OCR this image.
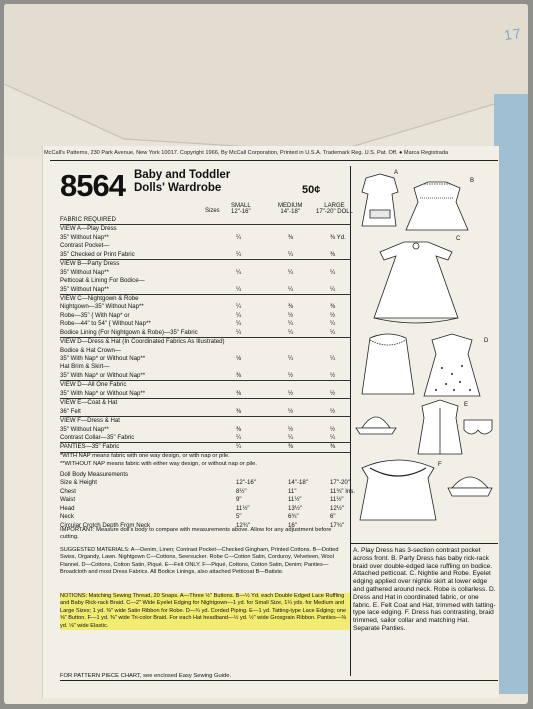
17
McCall's Patterns, 230 Park Avenue, New York 10017. Copyright 1966, By McCall Corporation, Printed in U.S.A. Trademark Reg. U.S. Pat. Off. ● Marca Registrada
8564 Baby and Toddler
Dolls' Wardrobe	50¢
Sizes
SMALL
12"-16"
MEDIUM
14"-18"
LARGE
17"-20" DOLL
FABRIC REQUIRED
VIEW A—Play Dress
35" Without Nap**	¼	⅜	⅜ Yd.
Contrast Pocket—
35" Checked or Print Fabric	¼	¼	⅜
VIEW B—Party Dress
35" Without Nap**	¼	¼	¼
Petticoat & Lining For Bodice—
35" Without Nap**	¼	¼	¼
VIEW C—Nightgown & Robe
Nightgown—35" Without Nap**	¼	⅜	⅜
Robe—35" { With Nap* or	¼	½	½
Robe—44" to 54" { Without Nap**	¼	¼	¼
Bodice Lining (For Nightgown & Robe)—35" Fabric	¼	¼	¼
VIEW D—Dress & Hat (In Coordinated Fabrics As Illustrated)
Bodice & Hat Crown—
35" With Nap* or Without Nap**	⅛	¼	¼
Hat Brim & Skirt—
35" With Nap* or Without Nap**	⅜	½	½
VIEW D—All One Fabric
35" With Nap* or Without Nap**	⅜	½	½
VIEW E—Coat & Hat
36" Felt	⅜	½	½
VIEW F—Dress & Hat
35" Without Nap**	⅜	½	½
Contrast Collar—35" Fabric	¼	¼	¼
PANTIES—35" Fabric	¼	⅜	⅜
*WITH NAP means fabric with one way design, or with nap or pile.
**WITHOUT NAP means fabric with either way design, or without nap or pile.
Doll Body Measurements
Size & Height	12"-16"	14"-18"	17"-20"
Chest	8½"	11"	11¾" Ins.
Waist	9"	11½"	11½"
Head	11½"	13½"	12½"
Neck	5"	6¾"	6"
Circular Crotch Depth From Neck	12¾"	16"	17¾"
IMPORTANT: Measure doll's body to compare with measurements above. Allow for any adjustment before cutting.
SUGGESTED MATERIALS: A—Denim, Linen; Contrast Pocket—Checked Gingham, Printed Cottons. B—Dotted Swiss, Organdy, Lawn. Nightgown C—Cottons, Seersucker. Robe C—Cotton Satin, Corduroy, Velveteen, Wool Flannel. D—Cottons, Cotton Satin, Piqué. E—Felt ONLY. F—Piqué, Cottons, Cotton Satin, Denim; Panties—Broadcloth and most Dress Fabrics. All Bodice Linings, also attached Petticoat B—Batiste.
NOTIONS: Matching Sewing Thread, 20 Snaps. A—Three ½" Buttons. B—½ Yd. each Double Edged Lace Ruffling and Baby Rick-rack Braid. C—2" Wide Eyelet Edging for Nightgown—1 yd. for Small Size, 1¼ yds. for Medium and Large Sizes; 1 yd. ⅜" wide Satin Ribbon for Robe. D—¾ yd. Corded Piping. E—1 yd. Tatting-type Lace Edging; one ⅝" Button. F—1 yd. ⅜" wide Tri-color Braid. For each Hat headband—½ yd. ½" wide Grosgrain Ribbon. Panties—⅜ yd. ⅛" wide Elastic.
FOR PATTERN PIECE CHART, see enclosed Easy Sewing Guide.
A
B
C
D
E
F
A. Play Dress has 3-section contrast pocket across front. B. Party Dress has baby rick-rack braid over double-edged lace ruffling on bodice. Attached petticoat. C. Nightie and Robe. Eyelet edging applied over nightie skirt at lower edge and gathered around neck. Robe is collarless. D. Dress and Hat in coordinated fabric, or one fabric. E. Felt Coat and Hat, trimmed with tatting-type lace edging. F. Dress has contrasting, braid trimmed, sailor collar and matching Hat. Separate Panties.
